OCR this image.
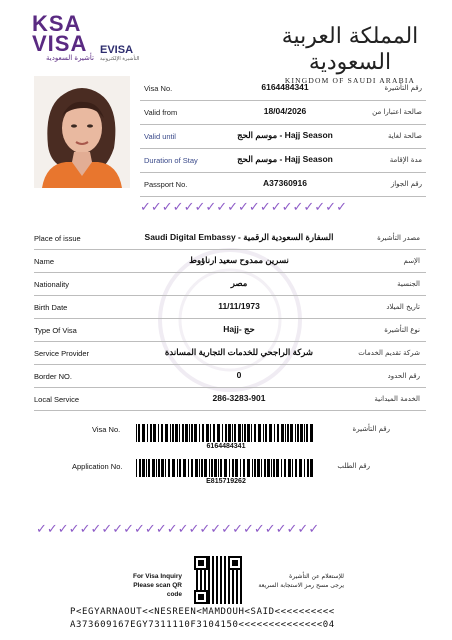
KSA
VISA
تأشيرة السعودية
EVISA
التأشيرة الإلكترونية
المملكة العربية السعودية
KINGDOM OF SAUDI ARABIA
Visa No.	6164484341	رقم التأشيرة
Valid from	18/04/2026	صالحة اعتبارا من
Valid until	موسم الحج - Hajj Season	صالحة لغاية
Duration of Stay	موسم الحج - Hajj Season	مدة الإقامة
Passport No.	A37360916	رقم الجواز
✓✓✓✓✓✓✓✓✓✓✓✓✓✓✓✓✓✓✓
Place of issue	Saudi Digital Embassy - السفارة السعودية الرقمية	مصدر التأشيرة
Name	نسرين ممدوح سعيد ارناؤوط	الإسم
Nationality	مصر	الجنسية
Birth Date	11/11/1973	تاريخ الميلاد
Type Of Visa	Hajj- حج	نوع التأشيرة
Service Provider	شركة الراجحي للخدمات التجارية المساندة	شركة تقديم الخدمات
Border NO.	0	رقم الحدود
Local Service	286-3283-901	الخدمة الميدانية
Visa No.
6164484341
رقم التأشيرة
Application No.
E815719262
رقم الطلب
✓✓✓✓✓✓✓✓✓✓✓✓✓✓✓✓✓✓✓✓✓✓✓✓✓✓
For Visa Inquiry
Please scan QR code
للإستعلام عن التأشيرة
يرجى مسح رمز الاستجابة السريعة
P<EGYARNAOUT<<NESREEN<MAMDOUH<SAID<<<<<<<<<<
A373609167EGY7311110F3104150<<<<<<<<<<<<<<04
